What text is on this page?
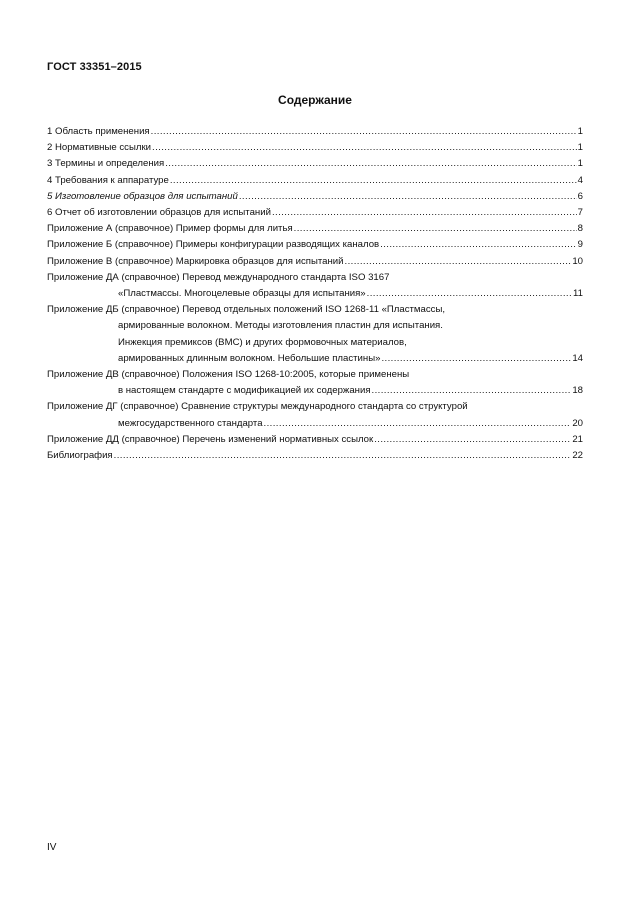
ГОСТ 33351–2015
Содержание
1 Область применения .....	1
2 Нормативные ссылки .....	1
3 Термины и определения .....	1
4 Требования к аппаратуре .....	4
5 Изготовление образцов для испытаний .....	6
6 Отчет об изготовлении образцов для испытаний .....	7
Приложение А (справочное) Пример формы для литья .....	8
Приложение Б (справочное) Примеры конфигурации разводящих каналов .....	9
Приложение В (справочное) Маркировка образцов для испытаний .....	10
Приложение ДА (справочное) Перевод международного стандарта ISO 3167
«Пластмассы. Многоцелевые образцы для испытания» .....	11
Приложение ДБ (справочное) Перевод отдельных положений ISO 1268-11 «Пластмассы,
армированные волокном. Методы изготовления пластин для испытания.
Инжекция премиксов (ВМС) и других формовочных материалов,
армированных длинным волокном. Небольшие пластины» .....	14
Приложение ДВ (справочное) Положения ISO 1268-10:2005, которые применены
в настоящем стандарте с модификацией их содержания .....	18
Приложение ДГ (справочное) Сравнение структуры международного стандарта со структурой
межгосударственного стандарта .....	20
Приложение ДД (справочное) Перечень изменений нормативных ссылок .....	21
Библиография .....	22
IV
